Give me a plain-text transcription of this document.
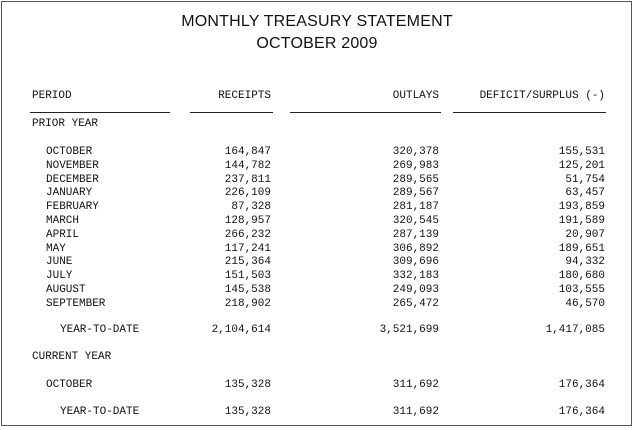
MONTHLY TREASURY STATEMENT
OCTOBER 2009
PERIOD	RECEIPTS	OUTLAYS	DEFICIT/SURPLUS (-)
PRIOR YEAR
OCTOBER	164,847	320,378	155,531
NOVEMBER	144,782	269,983	125,201
DECEMBER	237,811	289,565	51,754
JANUARY	226,109	289,567	63,457
FEBRUARY	87,328	281,187	193,859
MARCH	128,957	320,545	191,589
APRIL	266,232	287,139	20,907
MAY	117,241	306,892	189,651
JUNE	215,364	309,696	94,332
JULY	151,503	332,183	180,680
AUGUST	145,538	249,093	103,555
SEPTEMBER	218,902	265,472	46,570
YEAR-TO-DATE	2,104,614	3,521,699	1,417,085
CURRENT YEAR
OCTOBER	135,328	311,692	176,364
YEAR-TO-DATE	135,328	311,692	176,364
